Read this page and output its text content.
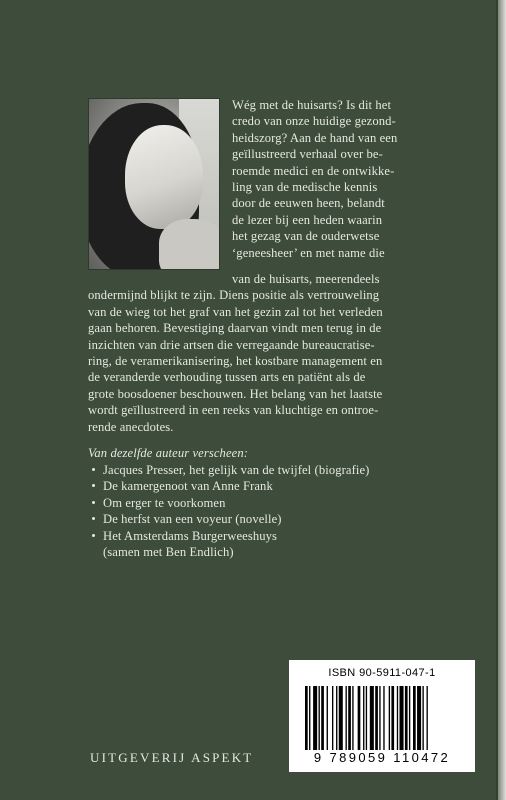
Wég met de huisarts? Is dit het

credo van onze huidige gezond-

heidszorg? Aan de hand van een

geïllustreerd verhaal over be-

roemde medici en de ontwikke-

ling van de medische kennis

door de eeuwen heen, belandt

de lezer bij een heden waarin

het gezag van de ouderwetse

‘geneesheer’ en met name die

van de huisarts, meerendeels

ondermijnd blijkt te zijn. Diens positie als vertrouweling

van de wieg tot het graf van het gezin zal tot het verleden

gaan behoren. Bevestiging daarvan vindt men terug in de

inzichten van drie artsen die verregaande bureaucratise-

ring, de veramerikanisering, het kostbare management en

de veranderde verhouding tussen arts en patiënt als de

grote boosdoener beschouwen. Het belang van het laatste

wordt geïllustreerd in een reeks van kluchtige en ontroe-

rende anecdotes.

Van dezelfde auteur verscheen:
Jacques Presser, het gelijk van de twijfel (biografie)
De kamergenoot van Anne Frank
Om erger te voorkomen
De herfst van een voyeur (novelle)
Het Amsterdams Burgerweeshuys
(samen met Ben Endlich)
ISBN 90-5911-047-1
9 789059 110472
UITGEVERIJ ASPEKT
